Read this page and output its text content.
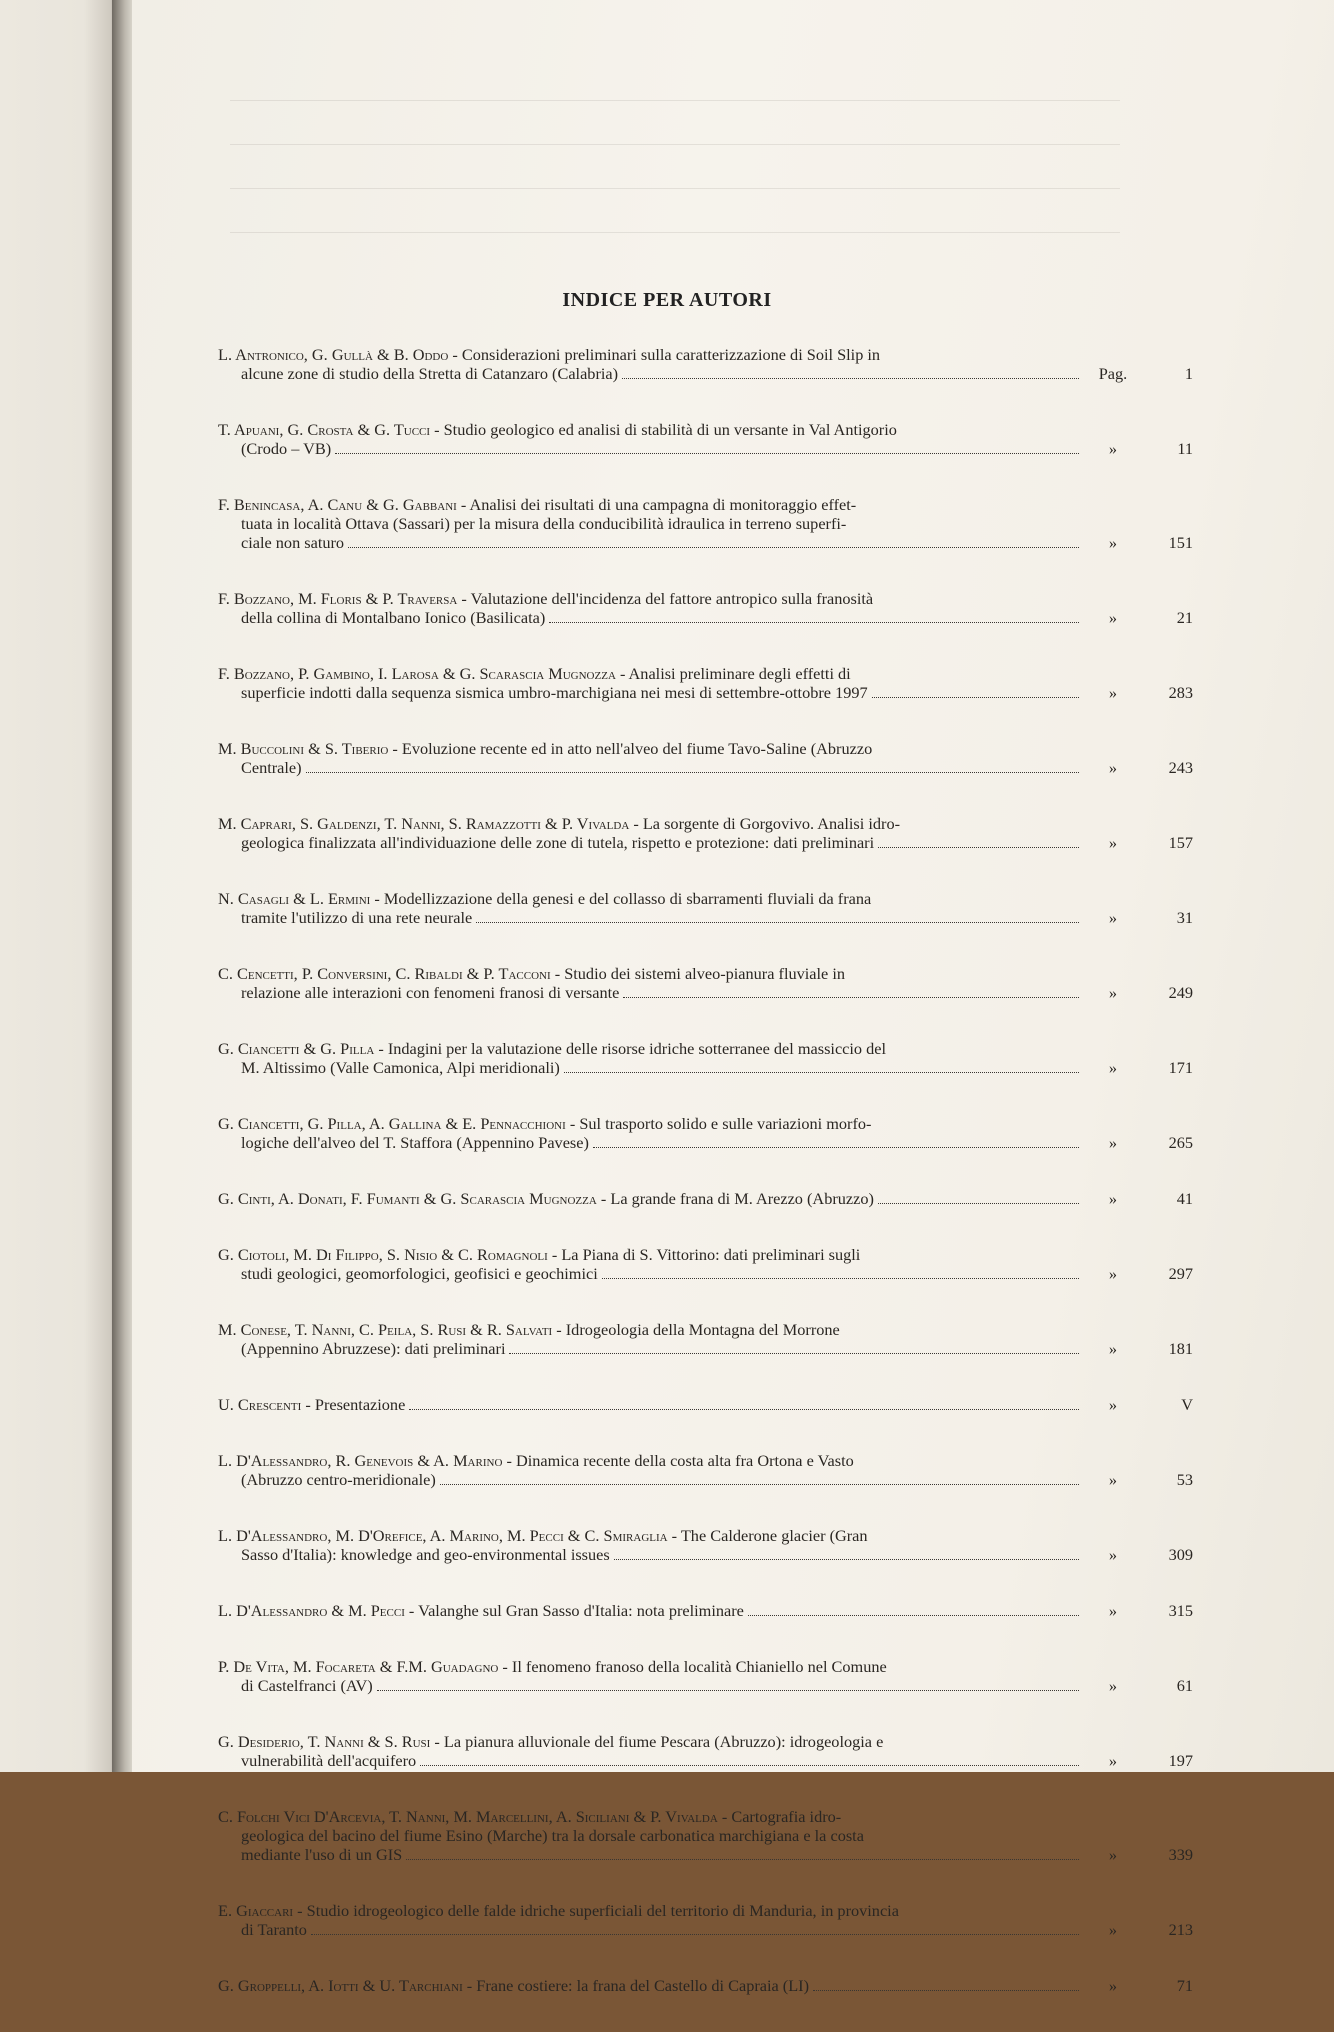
INDICE PER AUTORI
L. Antronico, G. Gullà & B. Oddo - Considerazioni preliminari sulla caratterizzazione di Soil Slip in
alcune zone di studio della Stretta di Catanzaro (Calabria)	Pag.	1
T. Apuani, G. Crosta & G. Tucci - Studio geologico ed analisi di stabilità di un versante in Val Antigorio
(Crodo – VB)	»	11
F. Benincasa, A. Canu & G. Gabbani - Analisi dei risultati di una campagna di monitoraggio effet-
tuata in località Ottava (Sassari) per la misura della conducibilità idraulica in terreno superfi-
ciale non saturo	»	151
F. Bozzano, M. Floris & P. Traversa - Valutazione dell'incidenza del fattore antropico sulla franosità
della collina di Montalbano Ionico (Basilicata)	»	21
F. Bozzano, P. Gambino, I. Larosa & G. Scarascia Mugnozza - Analisi preliminare degli effetti di
superficie indotti dalla sequenza sismica umbro-marchigiana nei mesi di settembre-ottobre 1997	»	283
M. Buccolini & S. Tiberio - Evoluzione recente ed in atto nell'alveo del fiume Tavo-Saline (Abruzzo
Centrale)	»	243
M. Caprari, S. Galdenzi, T. Nanni, S. Ramazzotti & P. Vivalda - La sorgente di Gorgovivo. Analisi idro-
geologica finalizzata all'individuazione delle zone di tutela, rispetto e protezione: dati preliminari	»	157
N. Casagli & L. Ermini - Modellizzazione della genesi e del collasso di sbarramenti fluviali da frana
tramite l'utilizzo di una rete neurale	»	31
C. Cencetti, P. Conversini, C. Ribaldi & P. Tacconi - Studio dei sistemi alveo-pianura fluviale in
relazione alle interazioni con fenomeni franosi di versante	»	249
G. Ciancetti & G. Pilla - Indagini per la valutazione delle risorse idriche sotterranee del massiccio del
M. Altissimo (Valle Camonica, Alpi meridionali)	»	171
G. Ciancetti, G. Pilla, A. Gallina & E. Pennacchioni - Sul trasporto solido e sulle variazioni morfo-
logiche dell'alveo del T. Staffora (Appennino Pavese)	»	265
G. Cinti, A. Donati, F. Fumanti & G. Scarascia Mugnozza - La grande frana di M. Arezzo (Abruzzo)	»	41
G. Ciotoli, M. Di Filippo, S. Nisio & C. Romagnoli - La Piana di S. Vittorino: dati preliminari sugli
studi geologici, geomorfologici, geofisici e geochimici	»	297
M. Conese, T. Nanni, C. Peila, S. Rusi & R. Salvati - Idrogeologia della Montagna del Morrone
(Appennino Abruzzese): dati preliminari	»	181
U. Crescenti - Presentazione	»	V
L. D'Alessandro, R. Genevois & A. Marino - Dinamica recente della costa alta fra Ortona e Vasto
(Abruzzo centro-meridionale)	»	53
L. D'Alessandro, M. D'Orefice, A. Marino, M. Pecci & C. Smiraglia - The Calderone glacier (Gran
Sasso d'Italia): knowledge and geo-environmental issues	»	309
L. D'Alessandro & M. Pecci - Valanghe sul Gran Sasso d'Italia: nota preliminare	»	315
P. De Vita, M. Focareta & F.M. Guadagno - Il fenomeno franoso della località Chianiello nel Comune
di Castelfranci (AV)	»	61
G. Desiderio, T. Nanni & S. Rusi - La pianura alluvionale del fiume Pescara (Abruzzo): idrogeologia e
vulnerabilità dell'acquifero	»	197
C. Folchi Vici D'Arcevia, T. Nanni, M. Marcellini, A. Siciliani & P. Vivalda - Cartografia idro-
geologica del bacino del fiume Esino (Marche) tra la dorsale carbonatica marchigiana e la costa
mediante l'uso di un GIS	»	339
E. Giaccari - Studio idrogeologico delle falde idriche superficiali del territorio di Manduria, in provincia
di Taranto	»	213
G. Groppelli, A. Iotti & U. Tarchiani - Frane costiere: la frana del Castello di Capraia (LI)	»	71
